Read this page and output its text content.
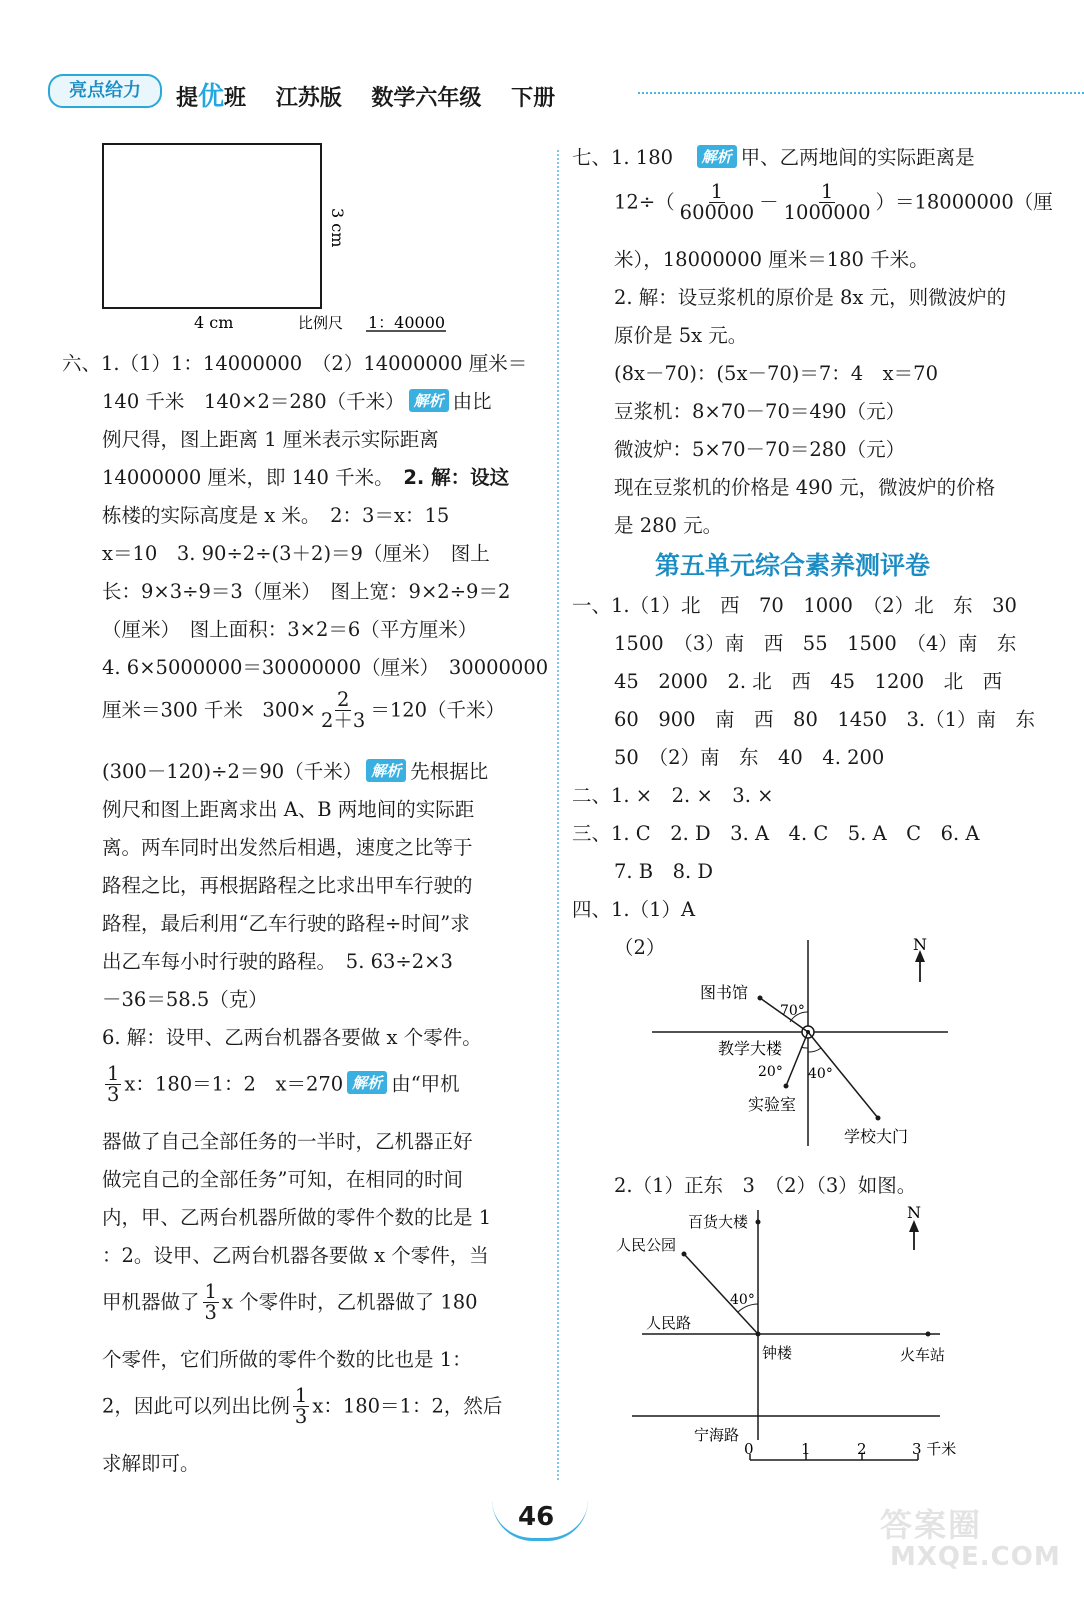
亮点给力	提优班 江苏版 数学六年级 下册
3 cm
4 cm	比例尺 1：40000
六、1.（1）1：14000000　（2）14000000 厘米＝
140 千米　140×2＝280（千米） 解析 由比
例尺得，图上距离 1 厘米表示实际距离
14000000 厘米，即 140 千米。　 2. 解：设这
栋楼的实际高度是 x 米。　2：3＝x：15
x＝10　 3. 90÷2÷(3＋2)＝9（厘米）　图上
长：9×3÷9＝3（厘米）　图上宽：9×2÷9＝2
（厘米）　图上面积：3×2＝6（平方厘米）
4. 6×5000000＝30000000（厘米）　30000000
厘米＝300 千米　$300\times \frac{2}{2+3} =120$（千米）
(300－120)÷2＝90（千米） 解析 先根据比
例尺和图上距离求出 A、B 两地间的实际距
离。两车同时出发然后相遇，速度之比等于
路程之比，再根据路程之比求出甲车行驶的
路程，最后利用“乙车行驶的路程÷时间”求
出乙车每小时行驶的路程。　 5. 63÷2×3
－36＝58.5（克）
6. 解：设甲、乙两台机器各要做 x 个零件。
$\frac{1}{3}$ x：180＝1：2　x＝270 解析 由“甲机
器做了自己全部任务的一半时，乙机器正好
做完自己的全部任务”可知，在相同的时间
内，甲、乙两台机器所做的零件个数的比是 1
：2。设甲、乙两台机器各要做 x 个零件，当
甲机器做了 $\frac{1}{3}$ x 个零件时，乙机器做了 180
个零件，它们所做的零件个数的比也是 1：
2，因此可以列出比例 $\frac{1}{3}$ x：180＝1：2，然后
求解即可。
七、1. 180　 解析 甲、乙两地间的实际距离是
$12\div( \frac{1}{600000} - \frac{1}{1000000} )=18000000$（厘
米），18000000 厘米＝180 千米。
2. 解：设豆浆机的原价是 8x 元，则微波炉的
原价是 5x 元。
(8x－70)：(5x－70)＝7：4　x＝70
豆浆机：8×70－70＝490（元）
微波炉：5×70－70＝280（元）
现在豆浆机的价格是 490 元，微波炉的价格
是 280 元。
一、1.（1）北　西　70　1000　（2）北　东　30
1500　（3）南　西　55　1500　（4）南　东
45　2000　2. 北　西　45　1200　北　西
60　900　南　西　80　1450　3.（1）南　东
50　（2）南　东　40　4. 200
二、1. ×　2. ×　3. ×
三、1. C　2. D　3. A　4. C　5. A　C　6. A
7. B　8. D
四、1.（1）A
（2）
2.（1）正东　3　（2）（3）如图。
第五单元综合素养测评卷
N
图书馆
70°
教学大楼
20° 40°
实验室
学校大门
N
百货大楼
人民公园
40°
人民路
钟楼	火车站
宁海路
0	1	2	3 千米
46	答案圈
MXQE.COM
